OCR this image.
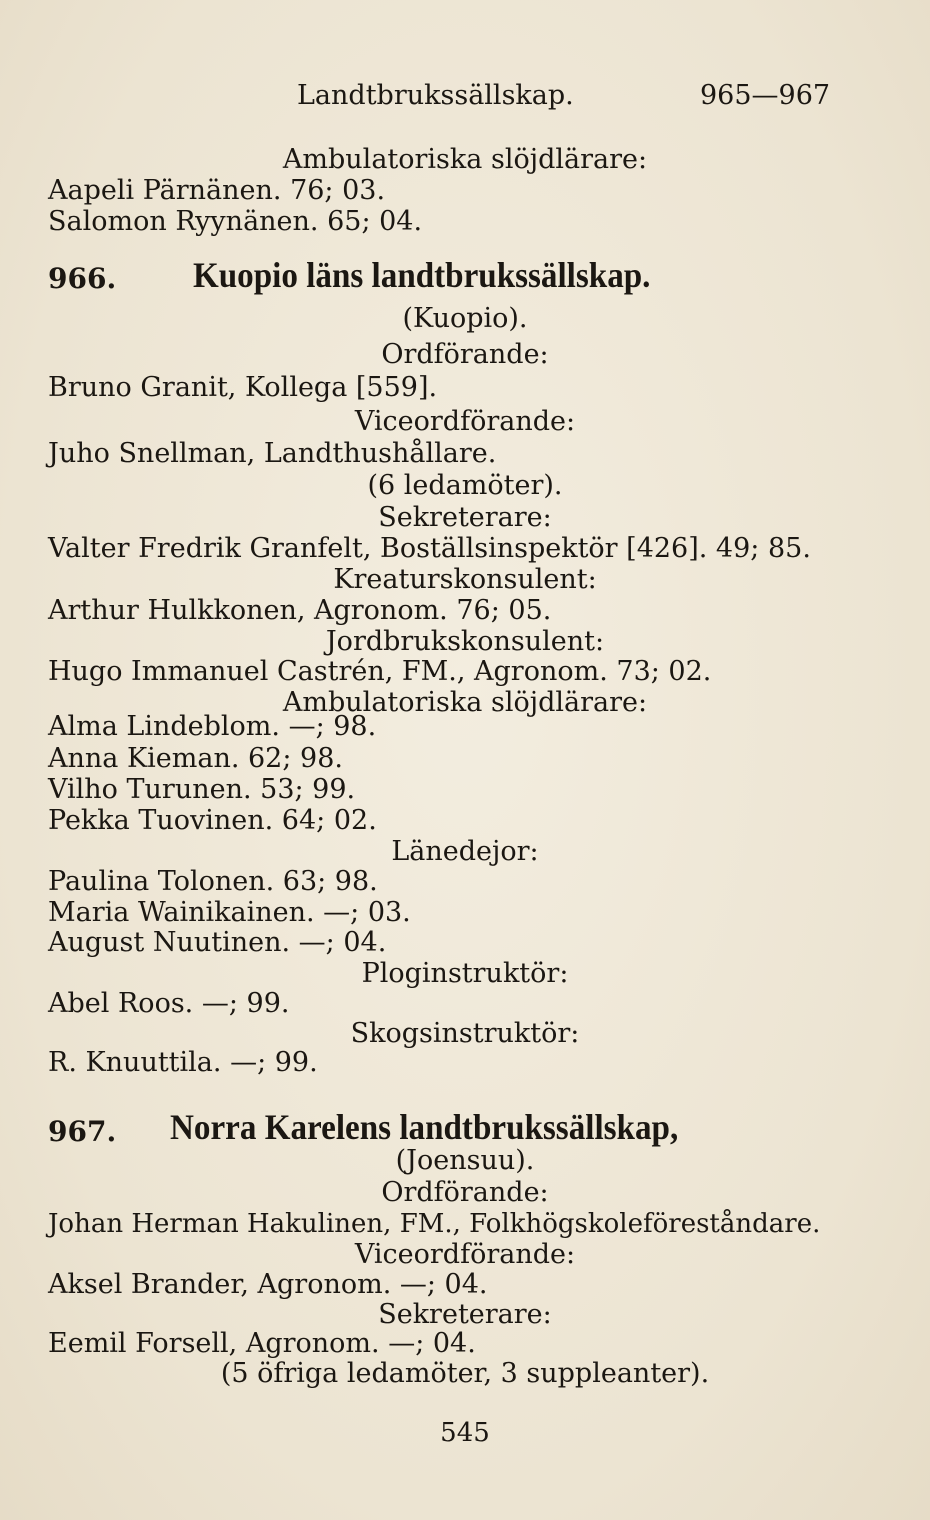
Landtbrukssällskap.	965—967
Ambulatoriska slöjdlärare:
Aapeli Pärnänen. 76; 03.
Salomon Ryynänen. 65; 04.
966. Kuopio läns landtbrukssällskap.
(Kuopio).
Ordförande:
Bruno Granit, Kollega [559].
Viceordförande:
Juho Snellman, Landthushållare.
(6 ledamöter).
Sekreterare:
Valter Fredrik Granfelt, Boställsinspektör [426]. 49; 85.
Kreaturskonsulent:
Arthur Hulkkonen, Agronom. 76; 05.
Jordbrukskonsulent:
Hugo Immanuel Castrén, FM., Agronom. 73; 02.
Ambulatoriska slöjdlärare:
Alma Lindeblom. —; 98.
Anna Kieman. 62; 98.
Vilho Turunen. 53; 99.
Pekka Tuovinen. 64; 02.
Länedejor:
Paulina Tolonen. 63; 98.
Maria Wainikainen. —; 03.
August Nuutinen. —; 04.
Ploginstruktör:
Abel Roos. —; 99.
Skogsinstruktör:
R. Knuuttila. —; 99.
967. Norra Karelens landtbrukssällskap,
(Joensuu).
Ordförande:
Johan Herman Hakulinen, FM., Folkhögskoleföreståndare.
Viceordförande:
Aksel Brander, Agronom. —; 04.
Sekreterare:
Eemil Forsell, Agronom. —; 04.
(5 öfriga ledamöter, 3 suppleanter).
545
